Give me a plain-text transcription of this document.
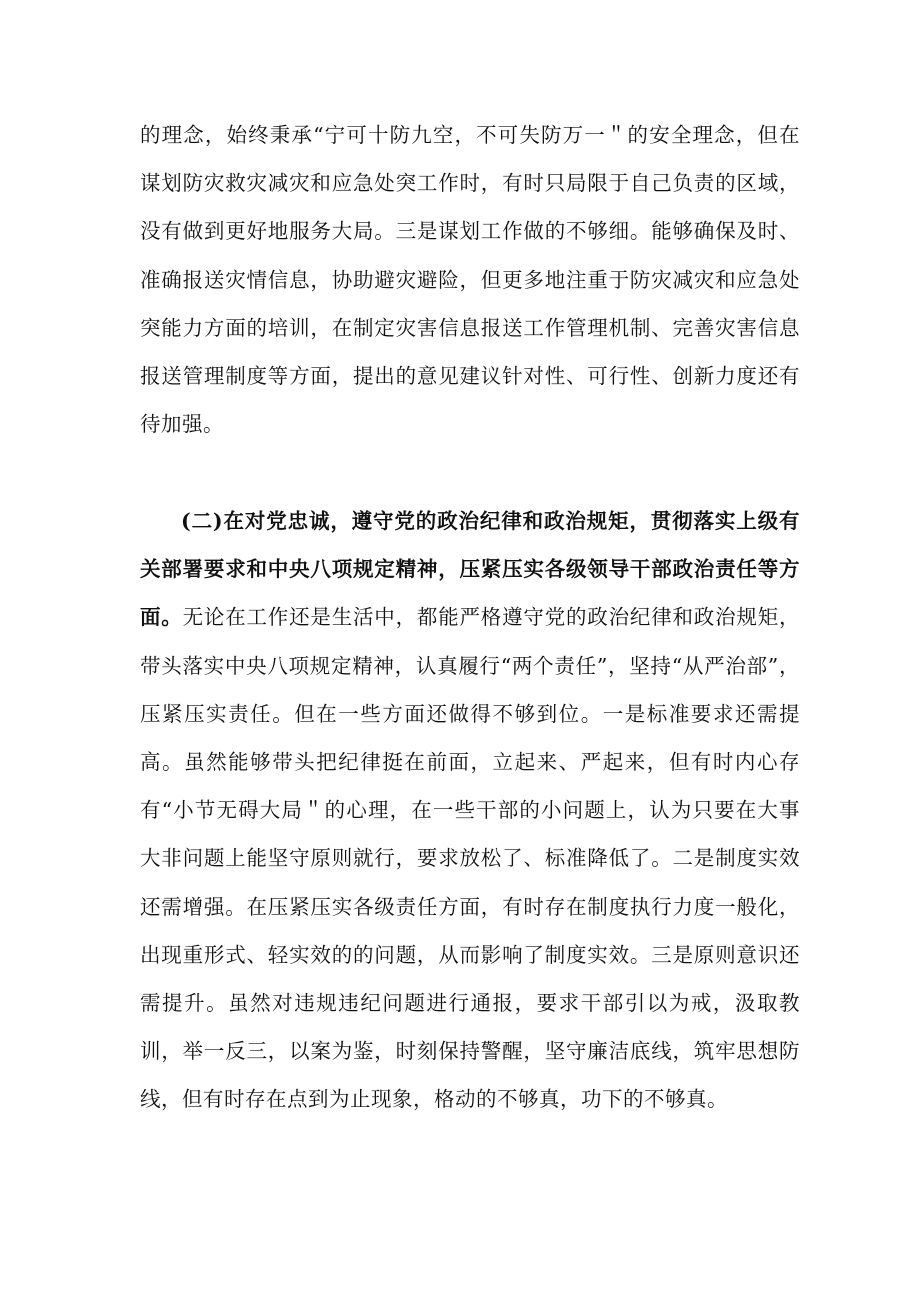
的理念，始终秉承“宁可十防九空，不可失防万一＂的安全理念，但在谋划防灾救灾减灾和应急处突工作时，有时只局限于自己负责的区域，没有做到更好地服务大局。三是谋划工作做的不够细。能够确保及时、准确报送灾情信息，协助避灾避险，但更多地注重于防灾减灾和应急处突能力方面的培训，在制定灾害信息报送工作管理机制、完善灾害信息报送管理制度等方面，提出的意见建议针对性、可行性、创新力度还有待加强。

(二)在对党忠诚，遵守党的政治纪律和政治规矩，贯彻落实上级有关部署要求和中央八项规定精神，压紧压实各级领导干部政治责任等方面。无论在工作还是生活中，都能严格遵守党的政治纪律和政治规矩，带头落实中央八项规定精神，认真履行“两个责任”，坚持“从严治部”，压紧压实责任。但在一些方面还做得不够到位。一是标准要求还需提高。虽然能够带头把纪律挺在前面，立起来、严起来，但有时内心存有“小节无碍大局＂的心理，在一些干部的小问题上，认为只要在大事大非问题上能坚守原则就行，要求放松了、标准降低了。二是制度实效还需增强。在压紧压实各级责任方面，有时存在制度执行力度一般化，出现重形式、轻实效的的问题，从而影响了制度实效。三是原则意识还需提升。虽然对违规违纪问题进行通报，要求干部引以为戒，汲取教训，举一反三，以案为鉴，时刻保持警醒，坚守廉洁底线，筑牢思想防线，但有时存在点到为止现象，格动的不够真，功下的不够真。
